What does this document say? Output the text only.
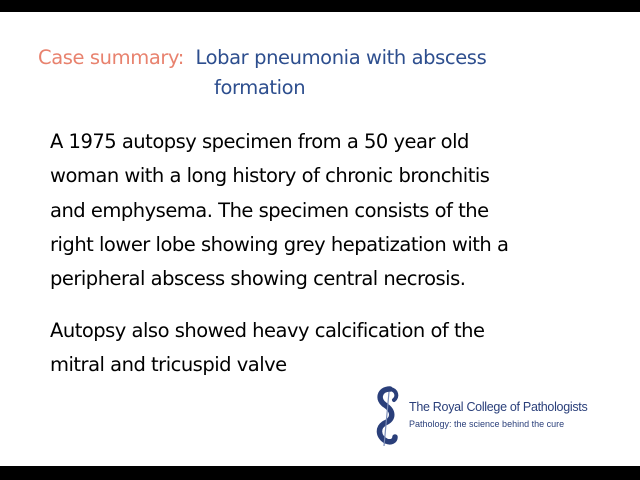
Case summary: Lobar pneumonia with abscess
formation
A 1975 autopsy specimen from a 50 year old
woman with a long history of chronic bronchitis
and emphysema. The specimen consists of the
right lower lobe showing grey hepatization with a
peripheral abscess showing central necrosis.
Autopsy also showed heavy calcification of the
mitral and tricuspid valve
The Royal College of Pathologists
Pathology: the science behind the cure
